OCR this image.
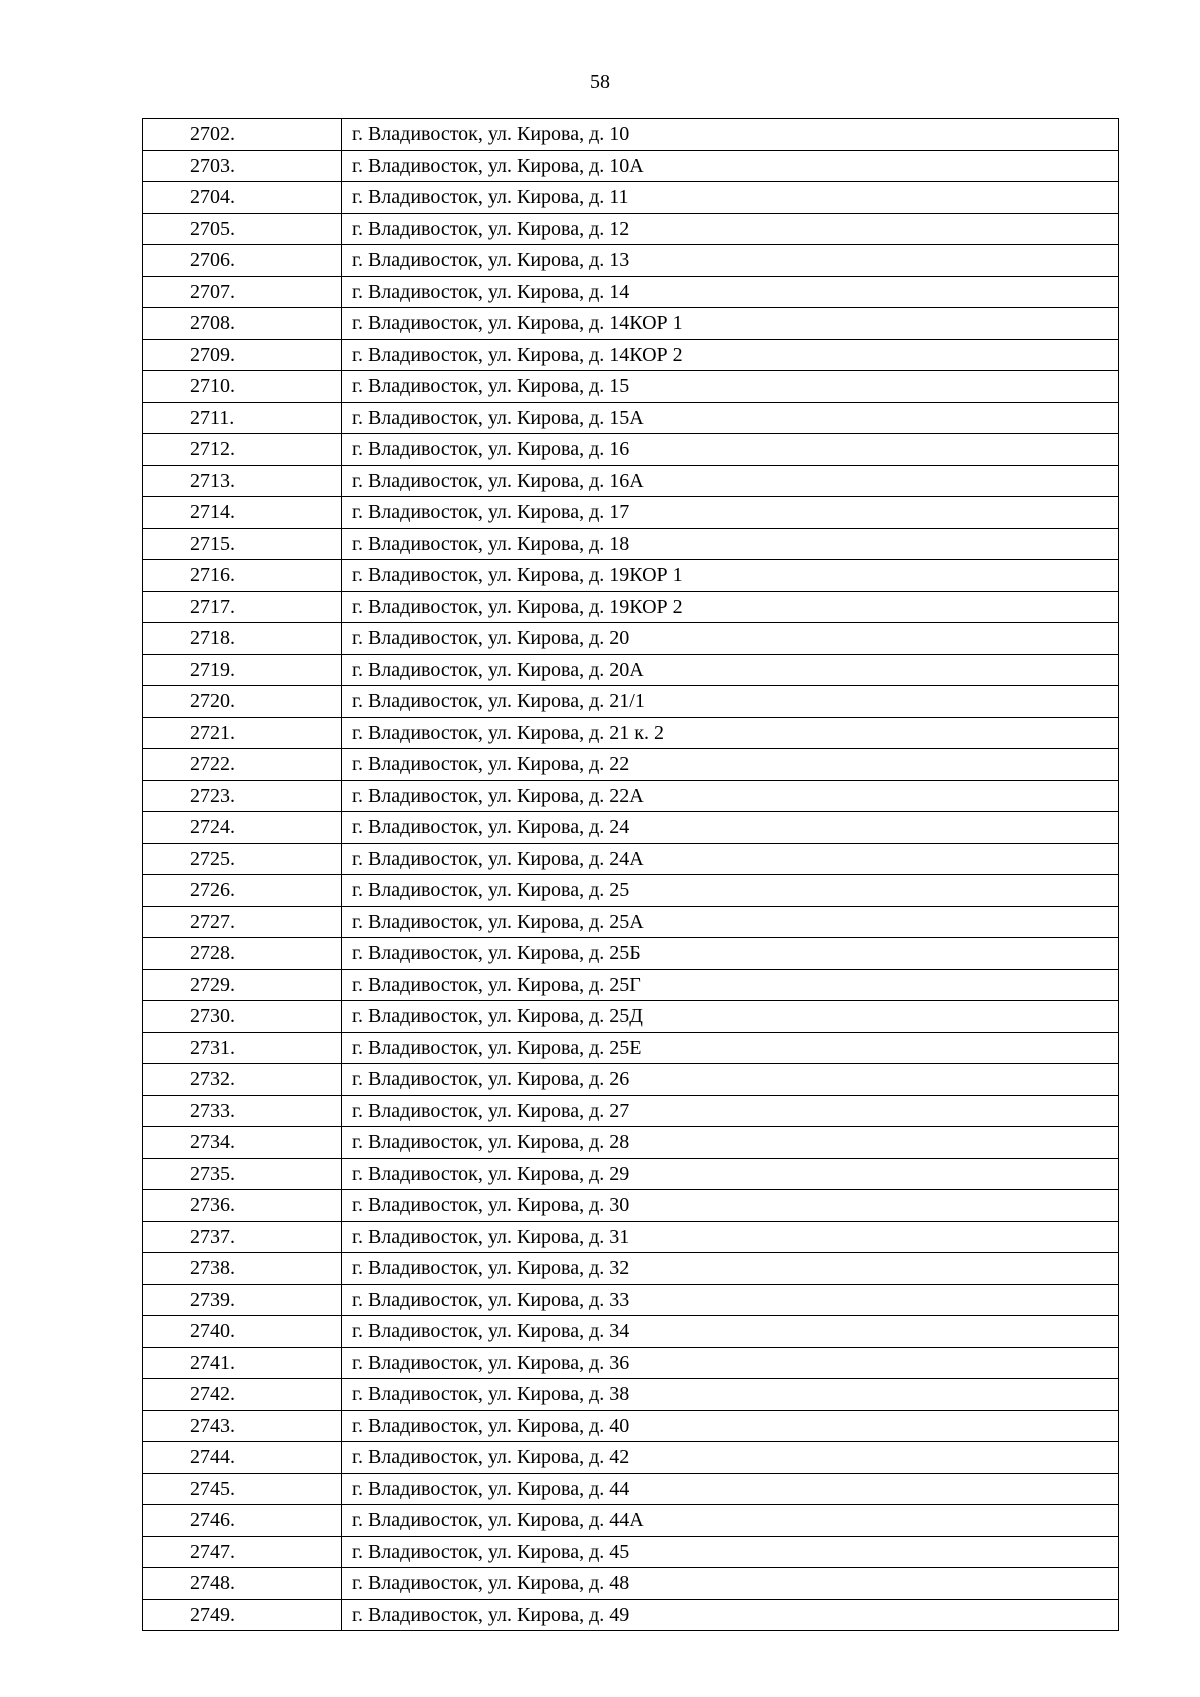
58
2702.	г. Владивосток, ул. Кирова, д. 10
2703.	г. Владивосток, ул. Кирова, д. 10А
2704.	г. Владивосток, ул. Кирова, д. 11
2705.	г. Владивосток, ул. Кирова, д. 12
2706.	г. Владивосток, ул. Кирова, д. 13
2707.	г. Владивосток, ул. Кирова, д. 14
2708.	г. Владивосток, ул. Кирова, д. 14КОР 1
2709.	г. Владивосток, ул. Кирова, д. 14КОР 2
2710.	г. Владивосток, ул. Кирова, д. 15
2711.	г. Владивосток, ул. Кирова, д. 15А
2712.	г. Владивосток, ул. Кирова, д. 16
2713.	г. Владивосток, ул. Кирова, д. 16А
2714.	г. Владивосток, ул. Кирова, д. 17
2715.	г. Владивосток, ул. Кирова, д. 18
2716.	г. Владивосток, ул. Кирова, д. 19КОР 1
2717.	г. Владивосток, ул. Кирова, д. 19КОР 2
2718.	г. Владивосток, ул. Кирова, д. 20
2719.	г. Владивосток, ул. Кирова, д. 20А
2720.	г. Владивосток, ул. Кирова, д. 21/1
2721.	г. Владивосток, ул. Кирова, д. 21 к. 2
2722.	г. Владивосток, ул. Кирова, д. 22
2723.	г. Владивосток, ул. Кирова, д. 22А
2724.	г. Владивосток, ул. Кирова, д. 24
2725.	г. Владивосток, ул. Кирова, д. 24А
2726.	г. Владивосток, ул. Кирова, д. 25
2727.	г. Владивосток, ул. Кирова, д. 25А
2728.	г. Владивосток, ул. Кирова, д. 25Б
2729.	г. Владивосток, ул. Кирова, д. 25Г
2730.	г. Владивосток, ул. Кирова, д. 25Д
2731.	г. Владивосток, ул. Кирова, д. 25Е
2732.	г. Владивосток, ул. Кирова, д. 26
2733.	г. Владивосток, ул. Кирова, д. 27
2734.	г. Владивосток, ул. Кирова, д. 28
2735.	г. Владивосток, ул. Кирова, д. 29
2736.	г. Владивосток, ул. Кирова, д. 30
2737.	г. Владивосток, ул. Кирова, д. 31
2738.	г. Владивосток, ул. Кирова, д. 32
2739.	г. Владивосток, ул. Кирова, д. 33
2740.	г. Владивосток, ул. Кирова, д. 34
2741.	г. Владивосток, ул. Кирова, д. 36
2742.	г. Владивосток, ул. Кирова, д. 38
2743.	г. Владивосток, ул. Кирова, д. 40
2744.	г. Владивосток, ул. Кирова, д. 42
2745.	г. Владивосток, ул. Кирова, д. 44
2746.	г. Владивосток, ул. Кирова, д. 44А
2747.	г. Владивосток, ул. Кирова, д. 45
2748.	г. Владивосток, ул. Кирова, д. 48
2749.	г. Владивосток, ул. Кирова, д. 49
